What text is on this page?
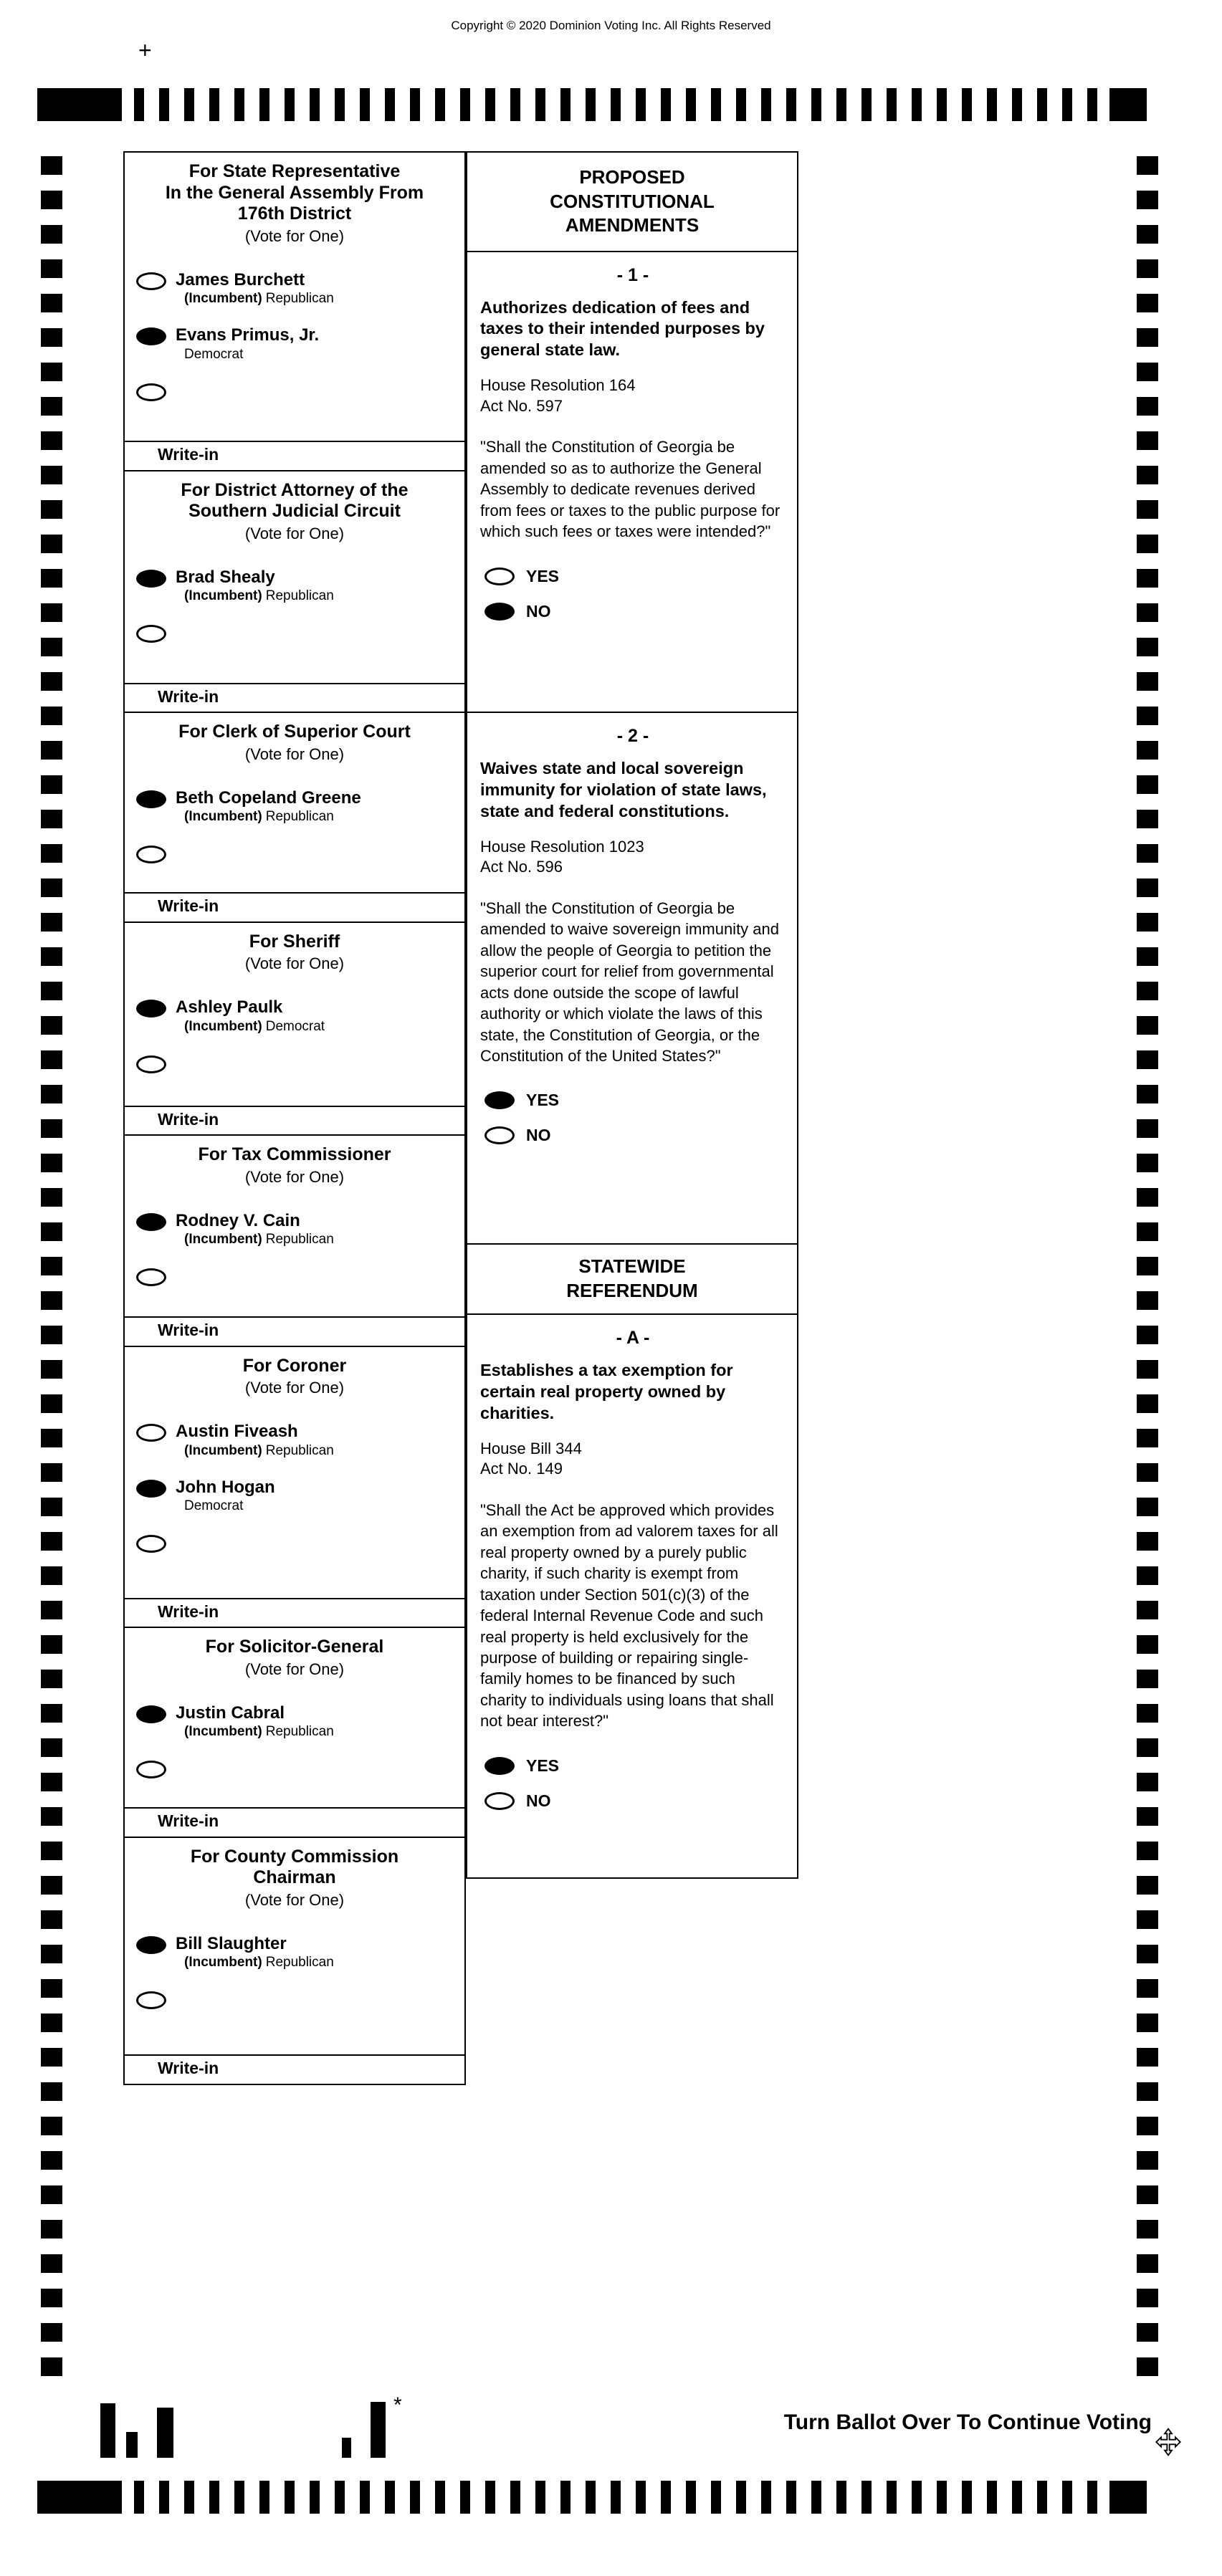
Copyright © 2020 Dominion Voting Inc. All Rights Reserved
+
For State Representative
In the General Assembly From
176th District
(Vote for One)
James Burchett
(Incumbent) Republican
Evans Primus, Jr.
Democrat
Write-in
For District Attorney of the
Southern Judicial Circuit
(Vote for One)
Brad Shealy
(Incumbent) Republican
Write-in
For Clerk of Superior Court
(Vote for One)
Beth Copeland Greene
(Incumbent) Republican
Write-in
For Sheriff
(Vote for One)
Ashley Paulk
(Incumbent) Democrat
Write-in
For Tax Commissioner
(Vote for One)
Rodney V. Cain
(Incumbent) Republican
Write-in
For Coroner
(Vote for One)
Austin Fiveash
(Incumbent) Republican
John Hogan
Democrat
Write-in
For Solicitor-General
(Vote for One)
Justin Cabral
(Incumbent) Republican
Write-in
For County Commission
Chairman
(Vote for One)
Bill Slaughter
(Incumbent) Republican
Write-in
PROPOSED
CONSTITUTIONAL
AMENDMENTS
- 1 -
Authorizes dedication of fees and taxes to their intended purposes by general state law.
House Resolution 164
Act No. 597
"Shall the Constitution of Georgia be amended so as to authorize the General Assembly to dedicate revenues derived from fees or taxes to the public purpose for which such fees or taxes were intended?"
YES
NO
- 2 -
Waives state and local sovereign immunity for violation of state laws, state and federal constitutions.
House Resolution 1023
Act No. 596
"Shall the Constitution of Georgia be amended to waive sovereign immunity and allow the people of Georgia to petition the superior court for relief from governmental acts done outside the scope of lawful authority or which violate the laws of this state, the Constitution of Georgia, or the Constitution of the United States?"
YES
NO
STATEWIDE
REFERENDUM
- A -
Establishes a tax exemption for certain real property owned by charities.
House Bill 344
Act No. 149
"Shall the Act be approved which provides an exemption from ad valorem taxes for all real property owned by a purely public charity, if such charity is exempt from taxation under Section 501(c)(3) of the federal Internal Revenue Code and such real property is held exclusively for the purpose of building or repairing single-family homes to be financed by such charity to individuals using loans that shall not bear interest?"
YES
NO
*
Turn Ballot Over To Continue Voting
